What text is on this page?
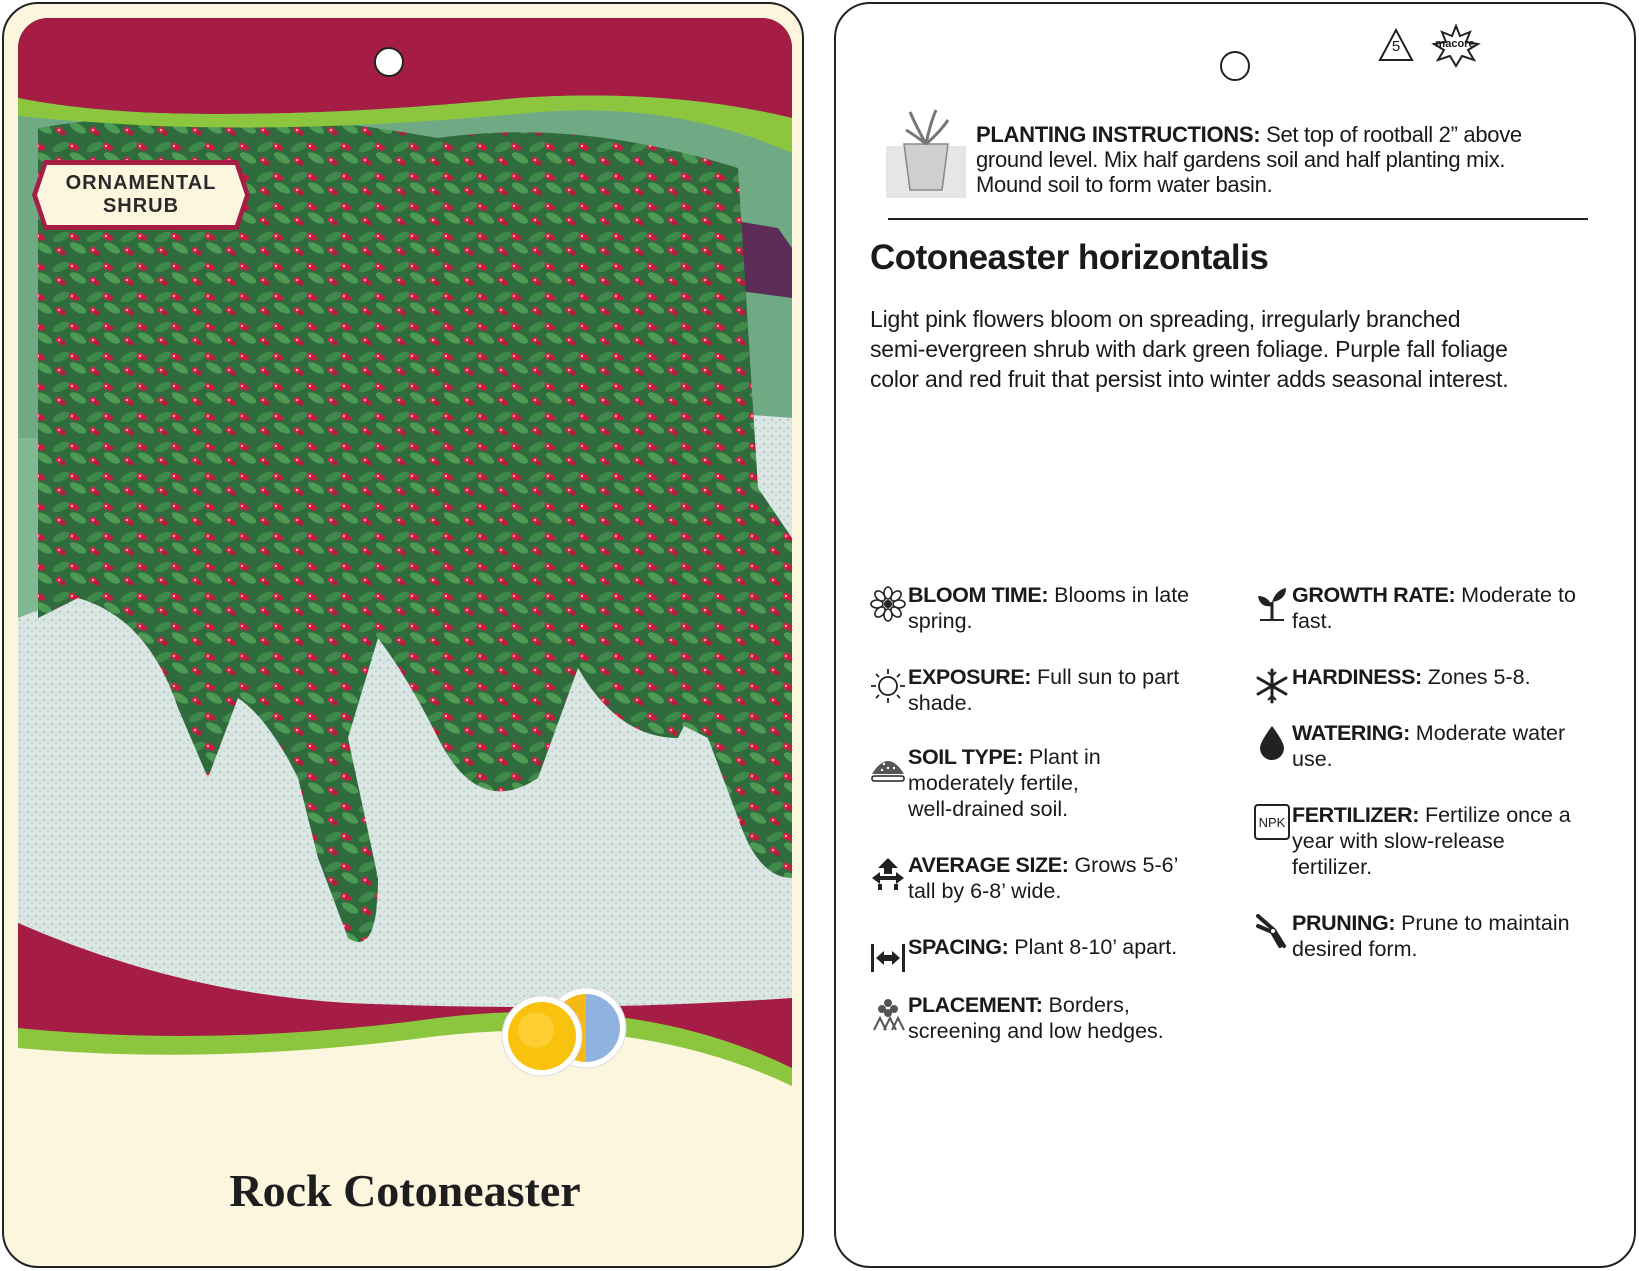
ORNAMENTAL
SHRUB
Rock Cotoneaster
5	macore
PLANTING INSTRUCTIONS: Set top of rootball 2” above
ground level. Mix half gardens soil and half planting mix.
Mound soil to form water basin.
Cotoneaster horizontalis
Light pink flowers bloom on spreading, irregularly branched
semi-evergreen shrub with dark green foliage. Purple fall foliage
color and red fruit that persist into winter adds seasonal interest.
BLOOM TIME: Blooms in late
spring.
EXPOSURE: Full sun to part
shade.
SOIL TYPE: Plant in
moderately fertile,
well-drained soil.
AVERAGE SIZE: Grows 5-6’
tall by 6-8’ wide.
SPACING: Plant 8-10’ apart.
PLACEMENT: Borders,
screening and low hedges.
GROWTH RATE: Moderate to
fast.
HARDINESS: Zones 5-8.
WATERING: Moderate water
use.
NPK FERTILIZER: Fertilize once a
year with slow-release
fertilizer.
PRUNING: Prune to maintain
desired form.
